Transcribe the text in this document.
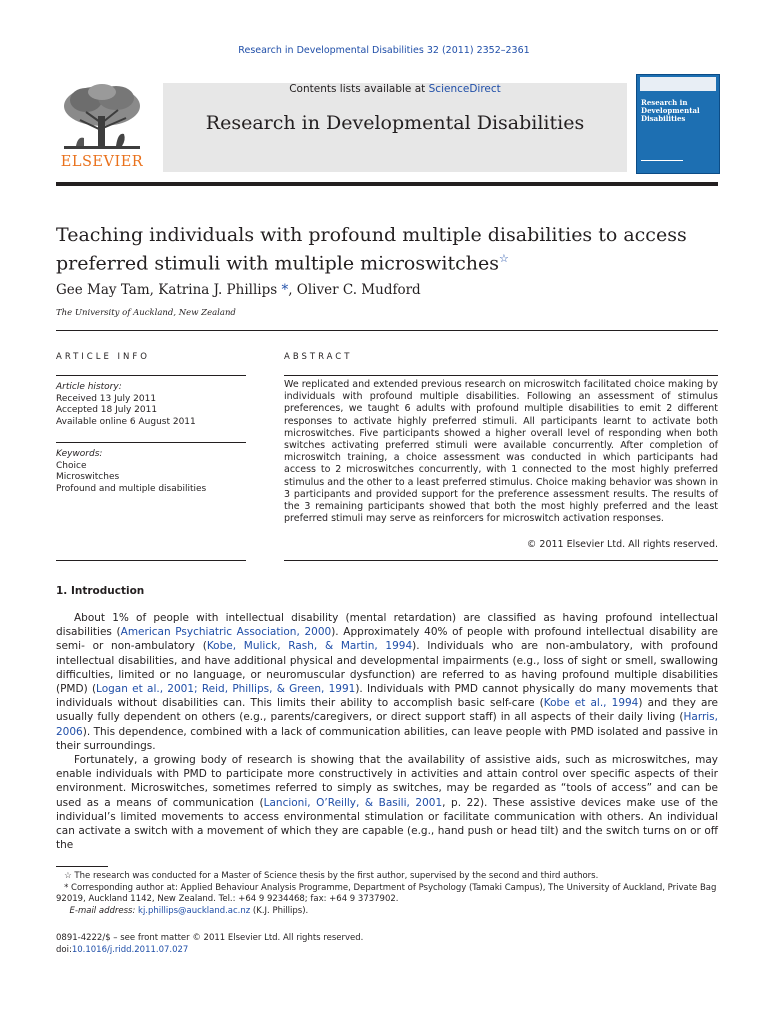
Research in Developmental Disabilities 32 (2011) 2352–2361
ELSEVIER
Contents lists available at ScienceDirect
Research in Developmental Disabilities
Research in Developmental Disabilities
Teaching individuals with profound multiple disabilities to access preferred stimuli with multiple microswitches☆
Gee May Tam, Katrina J. Phillips *, Oliver C. Mudford
The University of Auckland, New Zealand
ARTICLE INFO	ABSTRACT
Article history:
Received 13 July 2011
Accepted 18 July 2011
Available online 6 August 2011
Keywords:
Choice
Microswitches
Profound and multiple disabilities
We replicated and extended previous research on microswitch facilitated choice making by individuals with profound multiple disabilities. Following an assessment of stimulus preferences, we taught 6 adults with profound multiple disabilities to emit 2 different responses to activate highly preferred stimuli. All participants learnt to activate both microswitches. Five participants showed a higher overall level of responding when both switches activating preferred stimuli were available concurrently. After completion of microswitch training, a choice assessment was conducted in which participants had access to 2 microswitches concurrently, with 1 connected to the most highly preferred stimulus and the other to a least preferred stimulus. Choice making behavior was shown in 3 participants and provided support for the preference assessment results. The results of the 3 remaining participants showed that both the most highly preferred and the least preferred stimuli may serve as reinforcers for microswitch activation responses.
© 2011 Elsevier Ltd. All rights reserved.
1. Introduction

About 1% of people with intellectual disability (mental retardation) are classified as having profound intellectual disabilities (American Psychiatric Association, 2000). Approximately 40% of people with profound intellectual disability are semi- or non-ambulatory (Kobe, Mulick, Rash, & Martin, 1994). Individuals who are non-ambulatory, with profound intellectual disabilities, and have additional physical and developmental impairments (e.g., loss of sight or smell, swallowing difficulties, limited or no language, or neuromuscular dysfunction) are referred to as having profound multiple disabilities (PMD) (Logan et al., 2001; Reid, Phillips, & Green, 1991). Individuals with PMD cannot physically do many movements that individuals without disabilities can. This limits their ability to accomplish basic self-care (Kobe et al., 1994) and they are usually fully dependent on others (e.g., parents/caregivers, or direct support staff) in all aspects of their daily living (Harris, 2006). This dependence, combined with a lack of communication abilities, can leave people with PMD isolated and passive in their surroundings.

Fortunately, a growing body of research is showing that the availability of assistive aids, such as microswitches, may enable individuals with PMD to participate more constructively in activities and attain control over specific aspects of their environment. Microswitches, sometimes referred to simply as switches, may be regarded as “tools of access” and can be used as a means of communication (Lancioni, O’Reilly, & Basili, 2001, p. 22). These assistive devices make use of the individual’s limited movements to access environmental stimulation or facilitate communication with others. An individual can activate a switch with a movement of which they are capable (e.g., hand push or head tilt) and the switch turns on or off the

☆ The research was conducted for a Master of Science thesis by the first author, supervised by the second and third authors.

* Corresponding author at: Applied Behaviour Analysis Programme, Department of Psychology (Tamaki Campus), The University of Auckland, Private Bag 92019, Auckland 1142, New Zealand. Tel.: +64 9 9234468; fax: +64 9 3737902.

E-mail address: kj.phillips@auckland.ac.nz (K.J. Phillips).

0891-4222/$ – see front matter © 2011 Elsevier Ltd. All rights reserved.
doi:10.1016/j.ridd.2011.07.027
